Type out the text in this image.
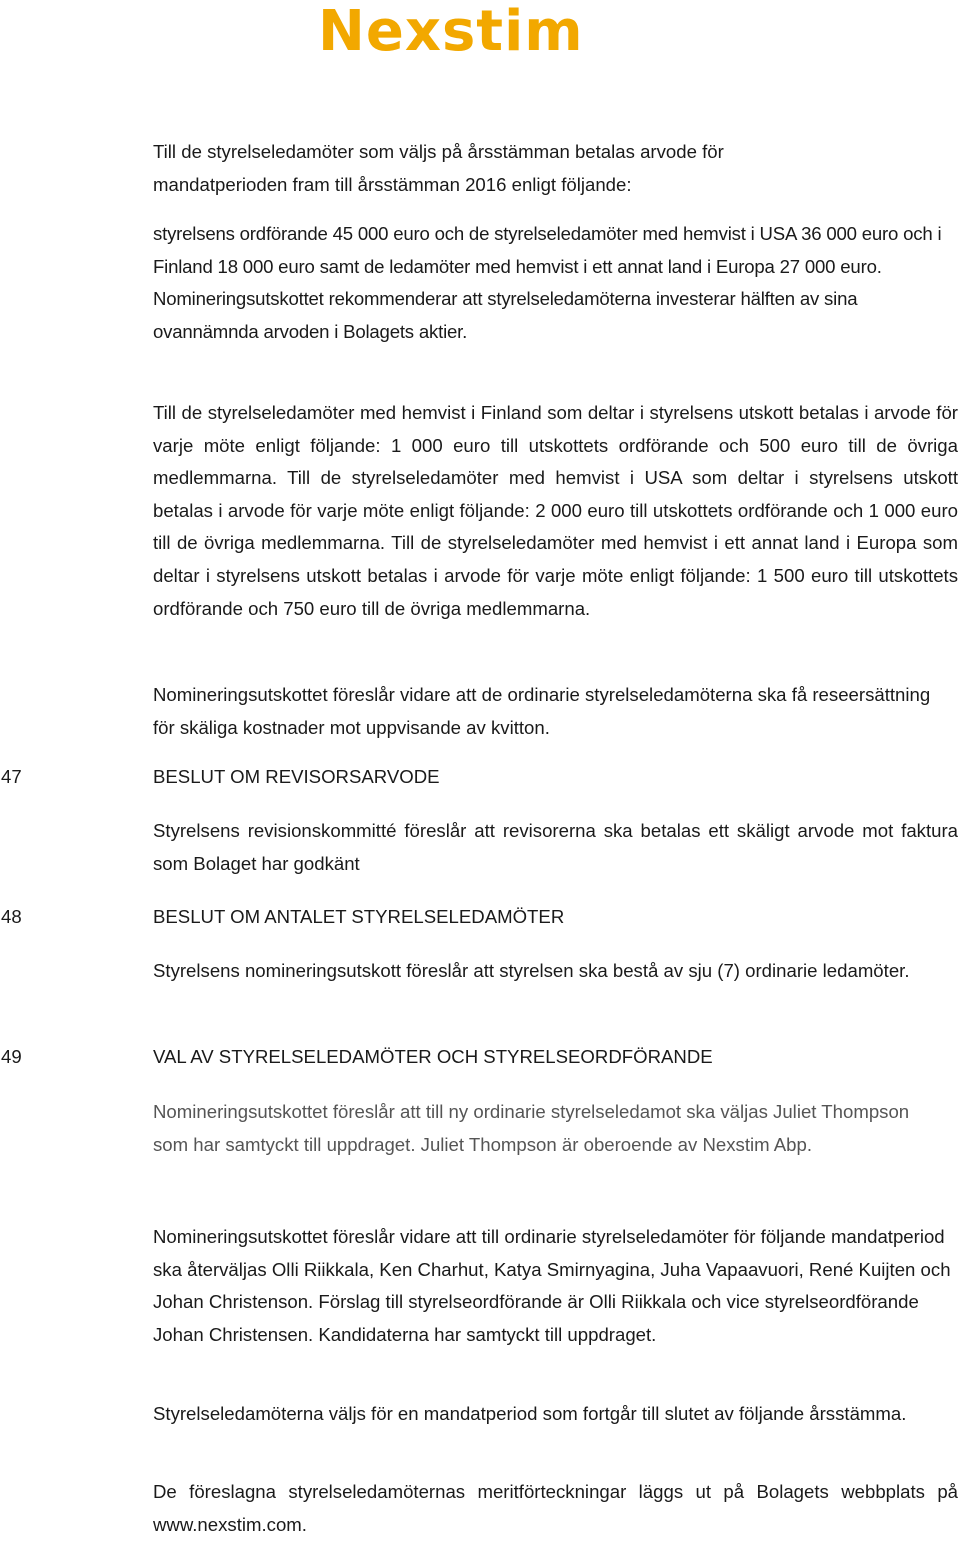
Nexstim

Till de styrelseledamöter som väljs på årsstämman betalas arvode för mandatperioden fram till årsstämman 2016 enligt följande:

styrelsens ordförande 45 000 euro och de styrelseledamöter med hemvist i USA 36 000 euro och i Finland 18 000 euro samt de ledamöter med hemvist i ett annat land i Europa 27 000 euro. Nomineringsutskottet rekommenderar att styrelseledamöterna investerar hälften av sina ovannämnda arvoden i Bolagets aktier.

Till de styrelseledamöter med hemvist i Finland som deltar i styrelsens utskott betalas i arvode för varje möte enligt följande: 1 000 euro till utskottets ordförande och 500 euro till de övriga medlemmarna. Till de styrelseledamöter med hemvist i USA som deltar i styrelsens utskott betalas i arvode för varje möte enligt följande: 2 000 euro till utskottets ordförande och 1 000 euro till de övriga medlemmarna. Till de styrelseledamöter med hemvist i ett annat land i Europa som deltar i styrelsens utskott betalas i arvode för varje möte enligt följande: 1 500 euro till utskottets ordförande och 750 euro till de övriga medlemmarna.

Nomineringsutskottet föreslår vidare att de ordinarie styrelseledamöterna ska få reseersättning för skäliga kostnader mot uppvisande av kvitton.

47	BESLUT OM REVISORSARVODE

Styrelsens revisionskommitté föreslår att revisorerna ska betalas ett skäligt arvode mot faktura som Bolaget har godkänt

48	BESLUT OM ANTALET STYRELSELEDAMÖTER

Styrelsens nomineringsutskott föreslår att styrelsen ska bestå av sju (7) ordinarie ledamöter.

49	VAL AV STYRELSELEDAMÖTER OCH STYRELSEORDFÖRANDE

Nomineringsutskottet föreslår att till ny ordinarie styrelseledamot ska väljas Juliet Thompson som har samtyckt till uppdraget. Juliet Thompson är oberoende av Nexstim Abp.

Nomineringsutskottet föreslår vidare att till ordinarie styrelseledamöter för följande mandatperiod ska återväljas Olli Riikkala, Ken Charhut, Katya Smirnyagina, Juha Vapaavuori, René Kuijten och Johan Christenson. Förslag till styrelseordförande är Olli Riikkala och vice styrelseordförande Johan Christensen. Kandidaterna har samtyckt till uppdraget.

Styrelseledamöterna väljs för en mandatperiod som fortgår till slutet av följande årsstämma.

De föreslagna styrelseledamöternas meritförteckningar läggs ut på Bolagets webbplats på www.nexstim.com.
